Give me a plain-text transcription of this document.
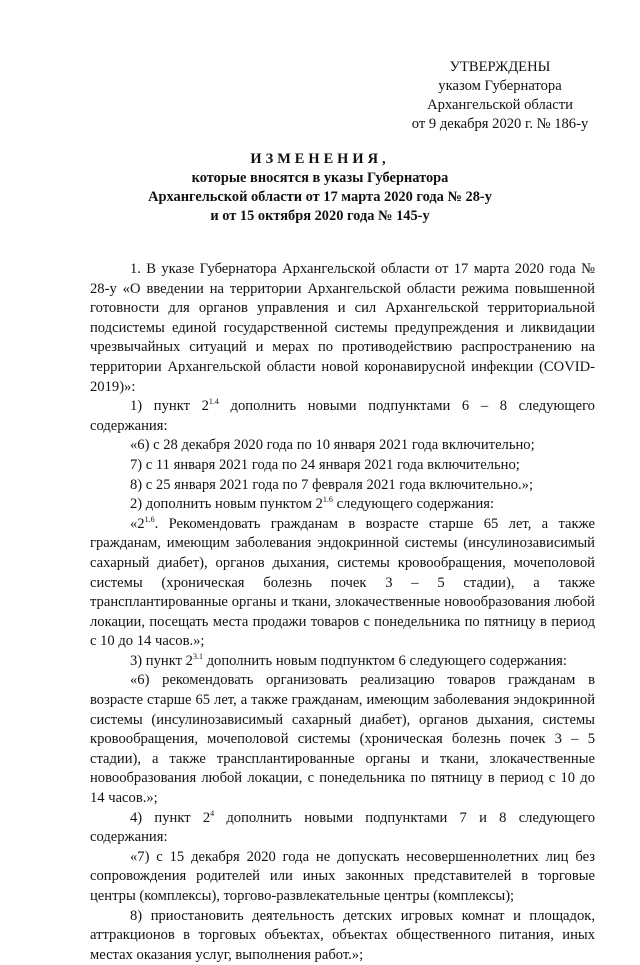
УТВЕРЖДЕНЫ
указом Губернатора
Архангельской области
от 9 декабря 2020 г. № 186-у
ИЗМЕНЕНИЯ,
которые вносятся в указы Губернатора
Архангельской области от 17 марта 2020 года № 28-у
и от 15 октября 2020 года № 145-у

1. В указе Губернатора Архангельской области от 17 марта 2020 года № 28-у «О введении на территории Архангельской области режима повышенной готовности для органов управления и сил Архангельской территориальной подсистемы единой государственной системы предупреждения и ликвидации чрезвычайных ситуаций и мерах по противодействию распространению на территории Архангельской области новой коронавирусной инфекции (COVID-2019)»:

1) пункт $2^{1.4}$ дополнить новыми подпунктами 6 – 8 следующего содержания:

«6) с 28 декабря 2020 года по 10 января 2021 года включительно;

7) с 11 января 2021 года по 24 января 2021 года включительно;

8) с 25 января 2021 года по 7 февраля 2021 года включительно.»;

2) дополнить новым пунктом $2^{1.6}$ следующего содержания:

«$2^{1.6}$. Рекомендовать гражданам в возрасте старше 65 лет, а также гражданам, имеющим заболевания эндокринной системы (инсулинозависимый сахарный диабет), органов дыхания, системы кровообращения, мочеполовой системы (хроническая болезнь почек 3 – 5 стадии), а также трансплантированные органы и ткани, злокачественные новообразования любой локации, посещать места продажи товаров с понедельника по пятницу в период с 10 до 14 часов.»;

3) пункт $2^{3.1}$ дополнить новым подпунктом 6 следующего содержания:

«6) рекомендовать организовать реализацию товаров гражданам в возрасте старше 65 лет, а также гражданам, имеющим заболевания эндокринной системы (инсулинозависимый сахарный диабет), органов дыхания, системы кровообращения, мочеполовой системы (хроническая болезнь почек 3 – 5 стадии), а также трансплантированные органы и ткани, злокачественные новообразования любой локации, с понедельника по пятницу в период с 10 до 14 часов.»;

4) пункт $2^4$ дополнить новыми подпунктами 7 и 8 следующего содержания:

«7) с 15 декабря 2020 года не допускать несовершеннолетних лиц без сопровождения родителей или иных законных представителей в торговые центры (комплексы), торгово-развлекательные центры (комплексы);

8) приостановить деятельность детских игровых комнат и площадок, аттракционов в торговых объектах, объектах общественного питания, иных местах оказания услуг, выполнения работ.»;
